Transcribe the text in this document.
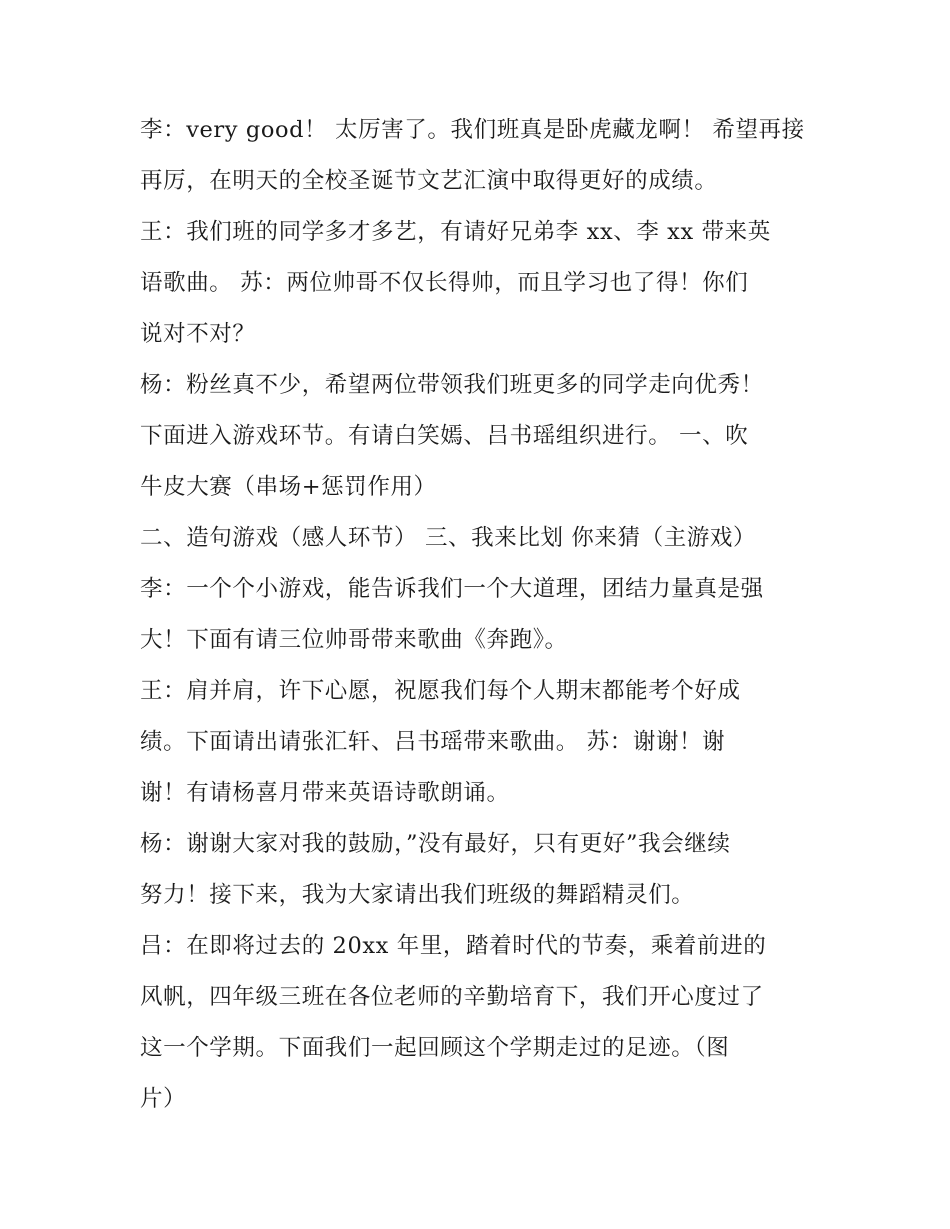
李：very good！ 太厉害了。我们班真是卧虎藏龙啊！ 希望再接
再厉，在明天的全校圣诞节文艺汇演中取得更好的成绩。
王：我们班的同学多才多艺，有请好兄弟李 xx、李 xx 带来英
语歌曲。 苏：两位帅哥不仅长得帅，而且学习也了得！你们
说对不对？
杨：粉丝真不少，希望两位带领我们班更多的同学走向优秀！
下面进入游戏环节。有请白笑嫣、吕书瑶组织进行。 一、吹
牛皮大赛（串场+惩罚作用）
二、造句游戏（感人环节） 三、我来比划 你来猜（主游戏）
李：一个个小游戏，能告诉我们一个大道理，团结力量真是强
大！下面有请三位帅哥带来歌曲《奔跑》。
王：肩并肩，许下心愿，祝愿我们每个人期末都能考个好成
绩。下面请出请张汇轩、吕书瑶带来歌曲。 苏：谢谢！谢
谢！有请杨喜月带来英语诗歌朗诵。
杨：谢谢大家对我的鼓励，”没有最好，只有更好”我会继续
努力！接下来，我为大家请出我们班级的舞蹈精灵们。
吕：在即将过去的 20xx 年里，踏着时代的节奏，乘着前进的
风帆，四年级三班在各位老师的辛勤培育下，我们开心度过了
这一个学期。下面我们一起回顾这个学期走过的足迹。（图
片）
